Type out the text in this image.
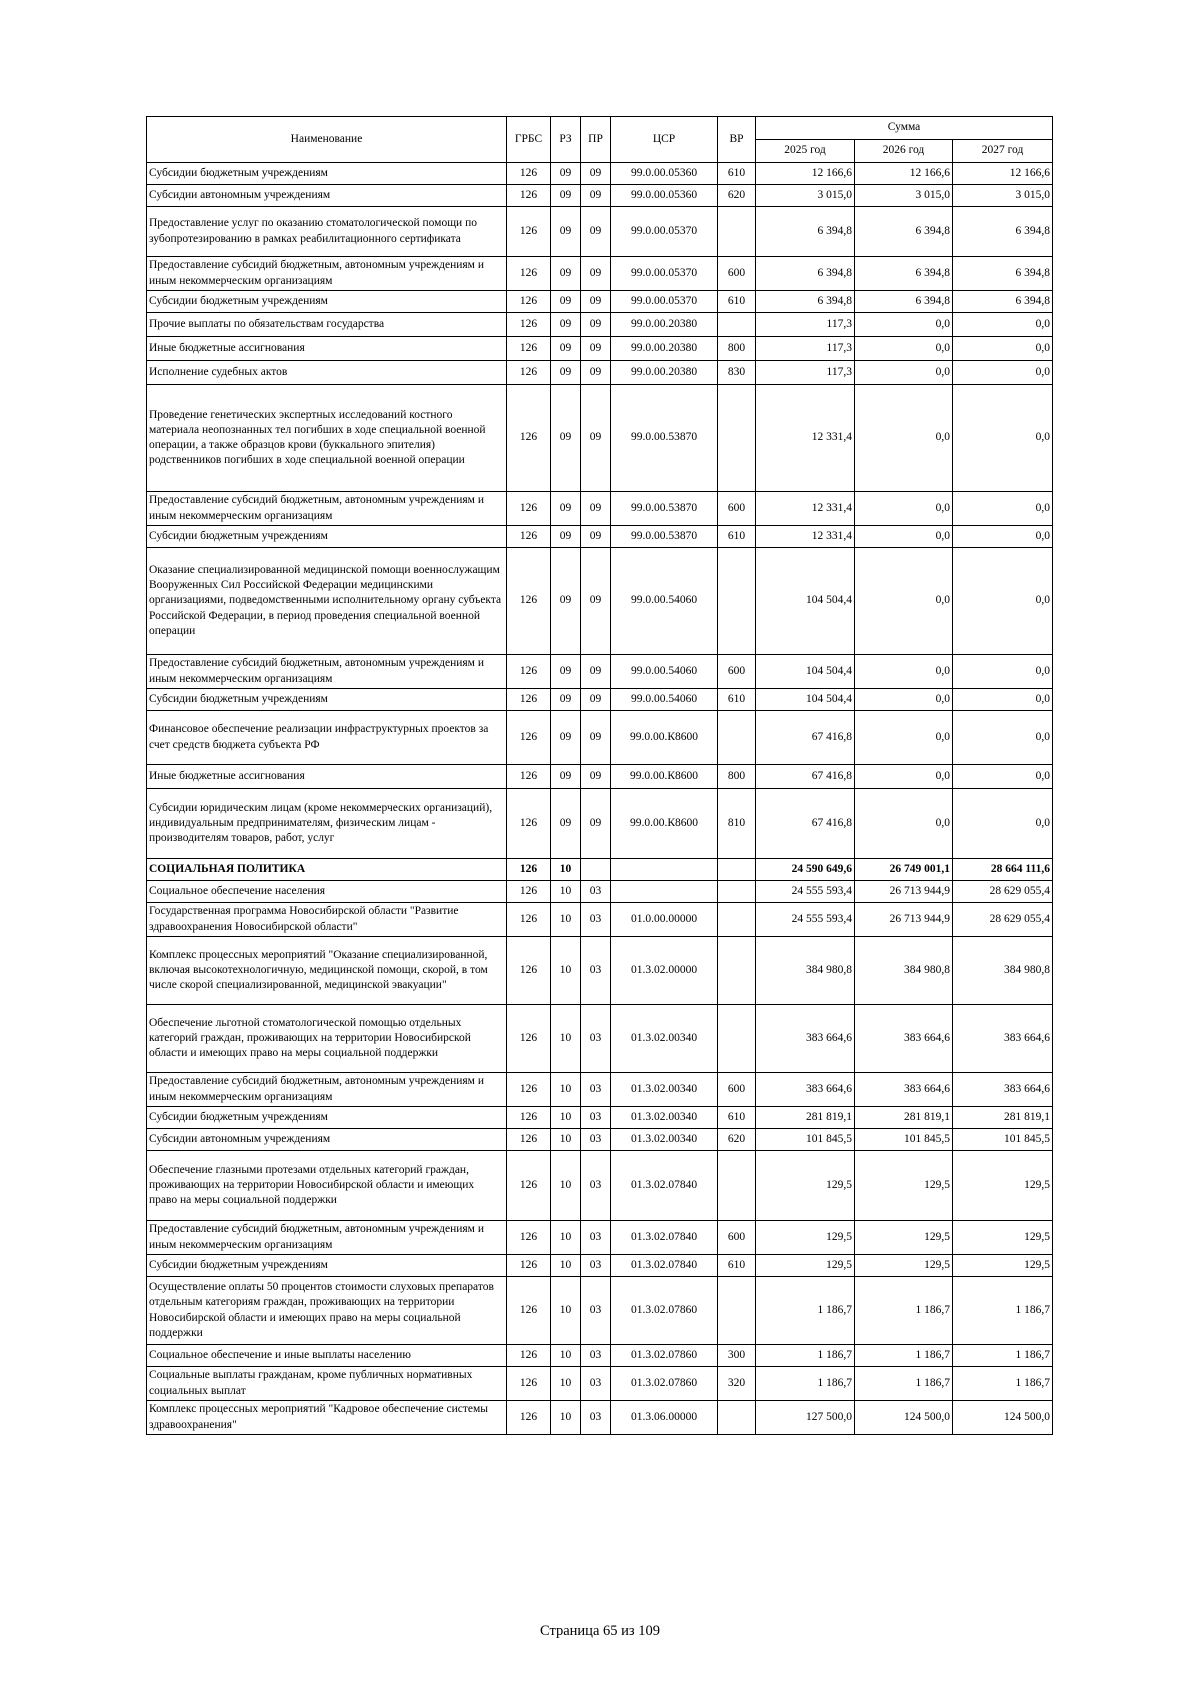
Наименование	ГРБС	РЗ	ПР	ЦСР	ВР	Сумма		
						2025 год	2026 год	2027 год
Субсидии бюджетным учреждениям	126	09	09	99.0.00.05360	610	12 166,6	12 166,6	12 166,6
Субсидии автономным учреждениям	126	09	09	99.0.00.05360	620	3 015,0	3 015,0	3 015,0
Предоставление услуг по оказанию стоматологической помощи по зубопротезированию в рамках реабилитационного сертификата	126	09	09	99.0.00.05370		6 394,8	6 394,8	6 394,8
Предоставление субсидий бюджетным, автономным учреждениям и иным некоммерческим организациям	126	09	09	99.0.00.05370	600	6 394,8	6 394,8	6 394,8
Субсидии бюджетным учреждениям	126	09	09	99.0.00.05370	610	6 394,8	6 394,8	6 394,8
Прочие выплаты по обязательствам государства	126	09	09	99.0.00.20380		117,3	0,0	0,0
Иные бюджетные ассигнования	126	09	09	99.0.00.20380	800	117,3	0,0	0,0
Исполнение судебных актов	126	09	09	99.0.00.20380	830	117,3	0,0	0,0
Проведение генетических экспертных исследований костного материала неопознанных тел погибших в ходе специальной военной операции, а также образцов крови (буккального эпителия) родственников погибших в ходе специальной военной операции	126	09	09	99.0.00.53870		12 331,4	0,0	0,0
Предоставление субсидий бюджетным, автономным учреждениям и иным некоммерческим организациям	126	09	09	99.0.00.53870	600	12 331,4	0,0	0,0
Субсидии бюджетным учреждениям	126	09	09	99.0.00.53870	610	12 331,4	0,0	0,0
Оказание специализированной медицинской помощи военнослужащим Вооруженных Сил Российской Федерации медицинскими организациями, подведомственными исполнительному органу субъекта Российской Федерации, в период проведения специальной военной операции	126	09	09	99.0.00.54060		104 504,4	0,0	0,0
Предоставление субсидий бюджетным, автономным учреждениям и иным некоммерческим организациям	126	09	09	99.0.00.54060	600	104 504,4	0,0	0,0
Субсидии бюджетным учреждениям	126	09	09	99.0.00.54060	610	104 504,4	0,0	0,0
Финансовое обеспечение реализации инфраструктурных проектов за счет средств бюджета субъекта РФ	126	09	09	99.0.00.К8600		67 416,8	0,0	0,0
Иные бюджетные ассигнования	126	09	09	99.0.00.К8600	800	67 416,8	0,0	0,0
Субсидии юридическим лицам (кроме некоммерческих организаций), индивидуальным предпринимателям, физическим лицам - производителям товаров, работ, услуг	126	09	09	99.0.00.К8600	810	67 416,8	0,0	0,0
СОЦИАЛЬНАЯ ПОЛИТИКА	126	10				24 590 649,6	26 749 001,1	28 664 111,6
Социальное обеспечение населения	126	10	03			24 555 593,4	26 713 944,9	28 629 055,4
Государственная программа Новосибирской области "Развитие здравоохранения Новосибирской области"	126	10	03	01.0.00.00000		24 555 593,4	26 713 944,9	28 629 055,4
Комплекс процессных мероприятий "Оказание специализированной, включая высокотехнологичную, медицинской помощи, скорой, в том числе скорой специализированной, медицинской эвакуации"	126	10	03	01.3.02.00000		384 980,8	384 980,8	384 980,8
Обеспечение льготной стоматологической помощью отдельных категорий граждан, проживающих на территории Новосибирской области и имеющих право на меры социальной поддержки	126	10	03	01.3.02.00340		383 664,6	383 664,6	383 664,6
Предоставление субсидий бюджетным, автономным учреждениям и иным некоммерческим организациям	126	10	03	01.3.02.00340	600	383 664,6	383 664,6	383 664,6
Субсидии бюджетным учреждениям	126	10	03	01.3.02.00340	610	281 819,1	281 819,1	281 819,1
Субсидии автономным учреждениям	126	10	03	01.3.02.00340	620	101 845,5	101 845,5	101 845,5
Обеспечение глазными протезами отдельных категорий граждан, проживающих на территории Новосибирской области и имеющих право на меры социальной поддержки	126	10	03	01.3.02.07840		129,5	129,5	129,5
Предоставление субсидий бюджетным, автономным учреждениям и иным некоммерческим организациям	126	10	03	01.3.02.07840	600	129,5	129,5	129,5
Субсидии бюджетным учреждениям	126	10	03	01.3.02.07840	610	129,5	129,5	129,5
Осуществление оплаты 50 процентов стоимости слуховых препаратов отдельным категориям граждан, проживающих на территории Новосибирской области и имеющих право на меры социальной поддержки	126	10	03	01.3.02.07860		1 186,7	1 186,7	1 186,7
Социальное обеспечение и иные выплаты населению	126	10	03	01.3.02.07860	300	1 186,7	1 186,7	1 186,7
Социальные выплаты гражданам, кроме публичных нормативных социальных выплат	126	10	03	01.3.02.07860	320	1 186,7	1 186,7	1 186,7
Комплекс процессных мероприятий "Кадровое обеспечение системы здравоохранения"	126	10	03	01.3.06.00000		127 500,0	124 500,0	124 500,0
Страница 65 из 109
